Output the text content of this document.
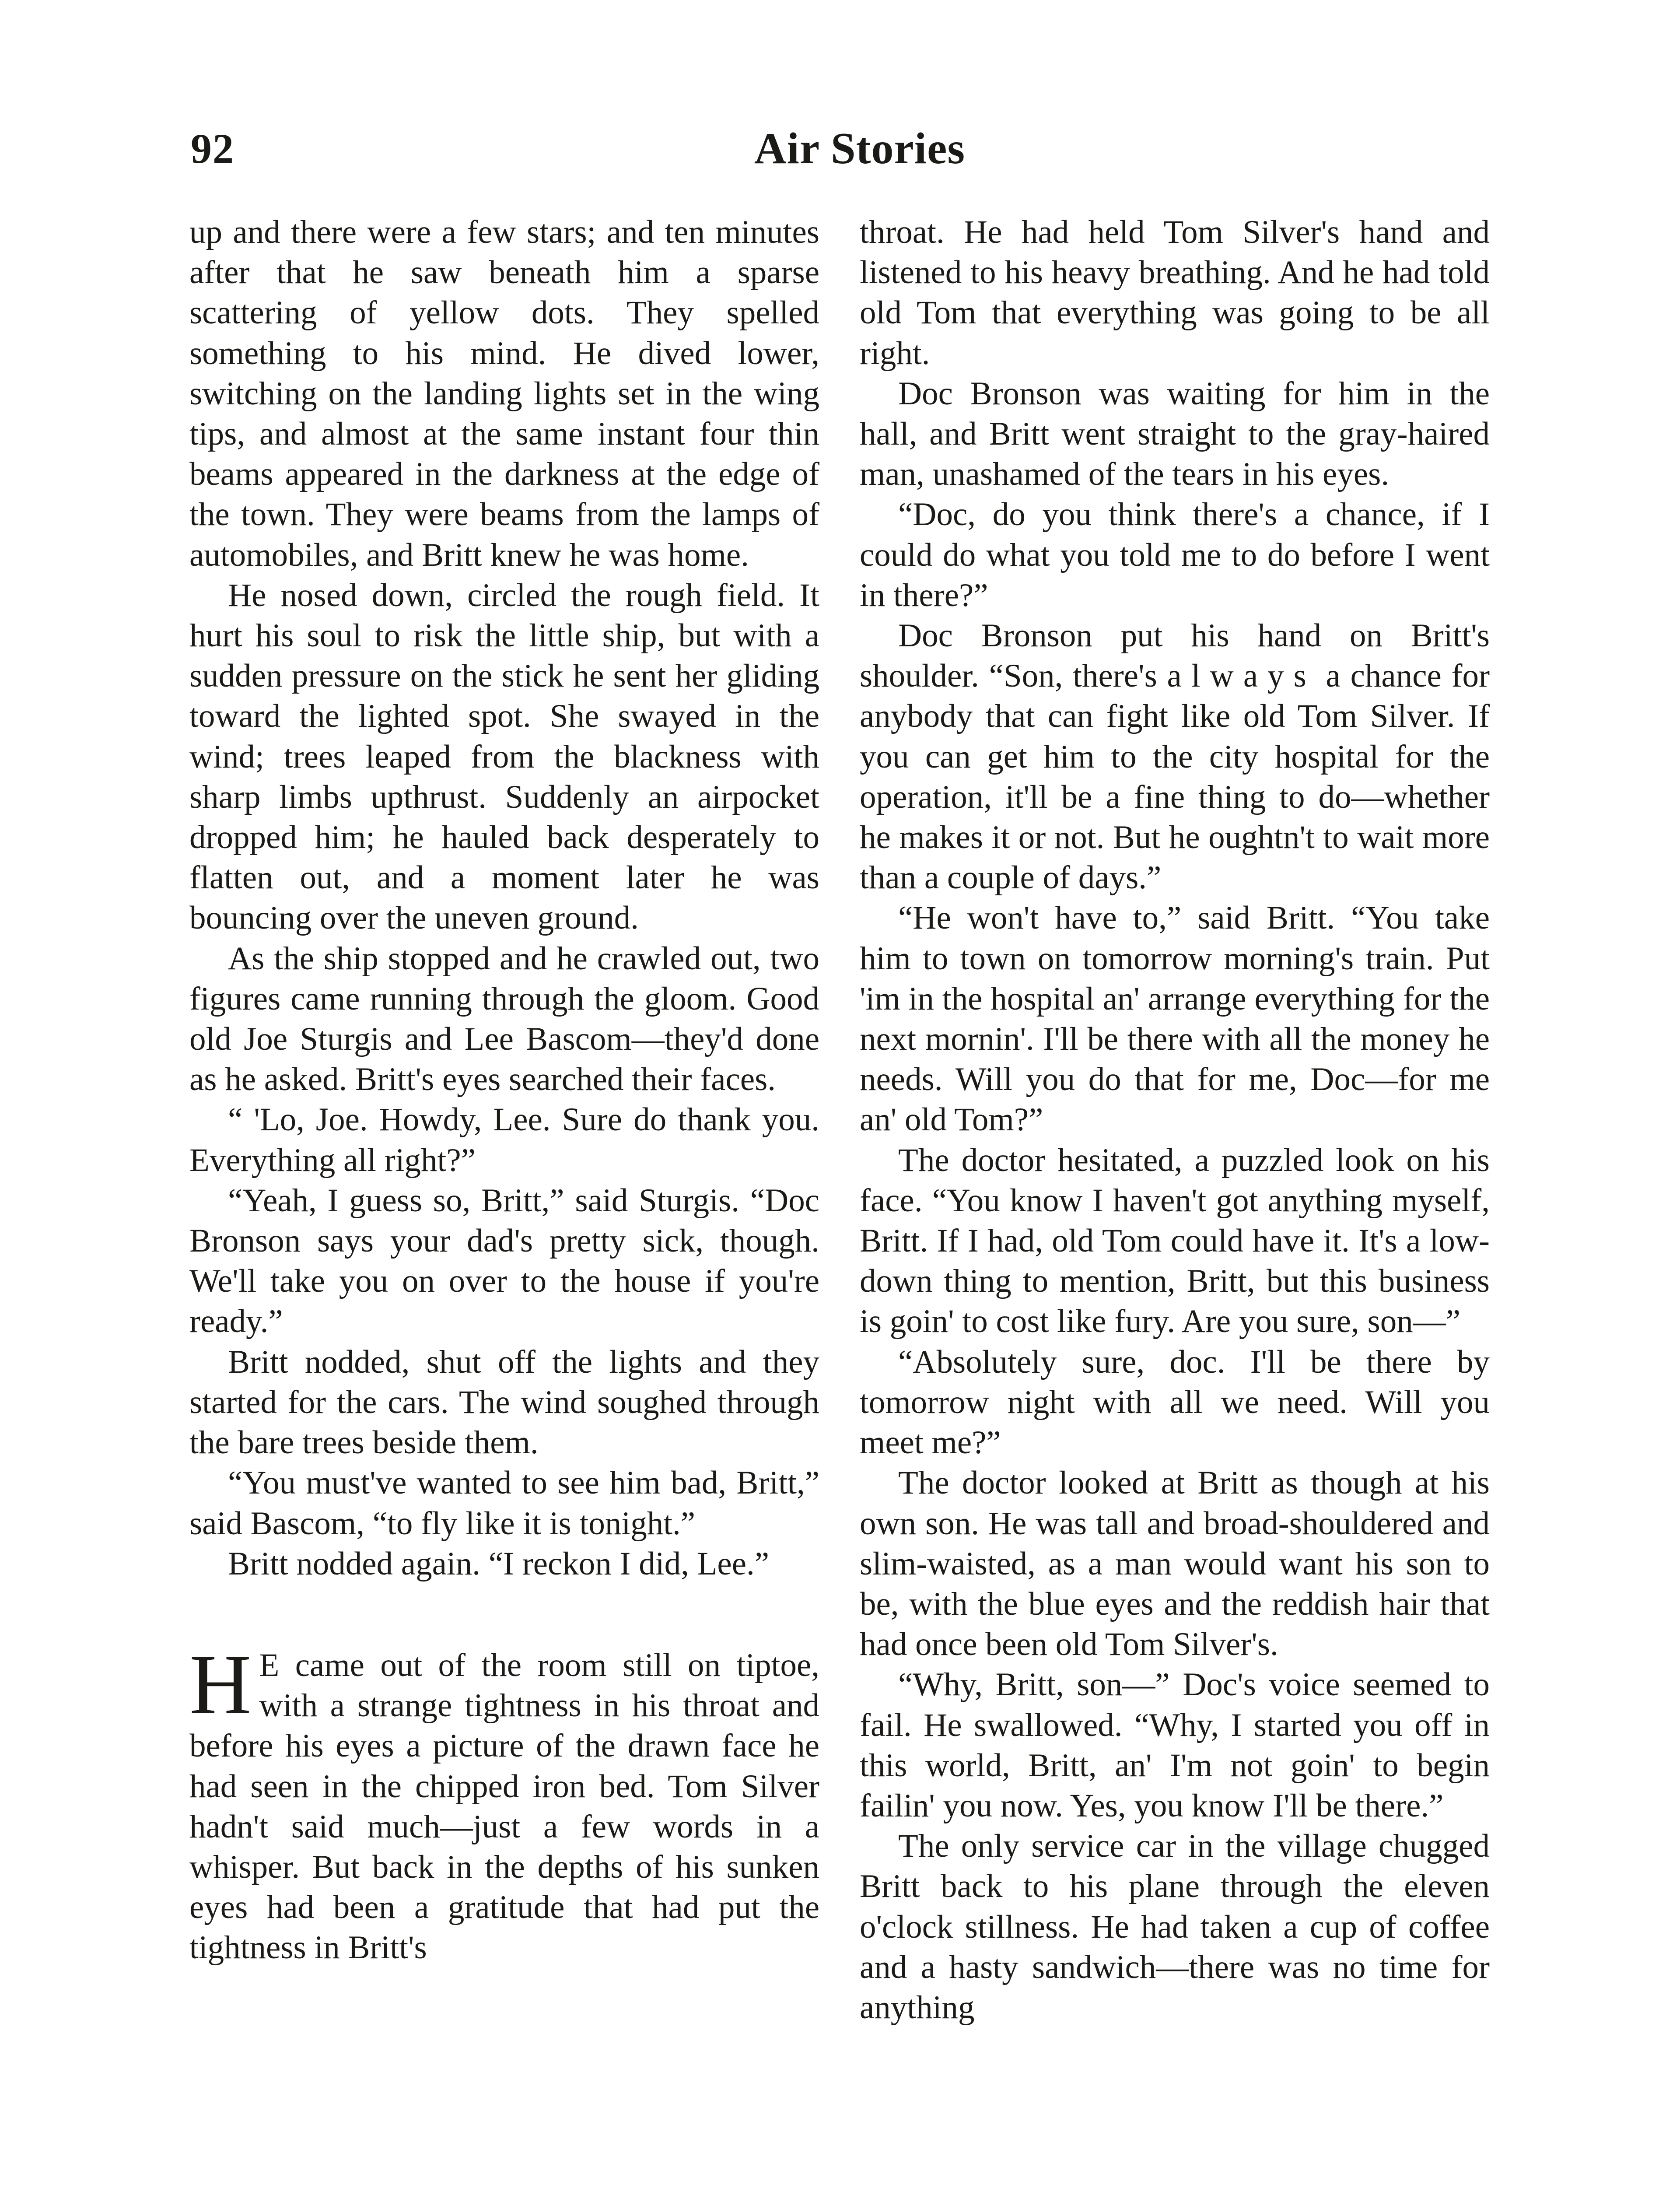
92	Air Stories

up and there were a few stars; and ten minutes after that he saw beneath him a sparse scattering of yellow dots. They spelled something to his mind. He dived lower, switching on the landing lights set in the wing tips, and almost at the same instant four thin beams appeared in the darkness at the edge of the town. They were beams from the lamps of automobiles, and Britt knew he was home.

He nosed down, circled the rough field. It hurt his soul to risk the little ship, but with a sudden pressure on the stick he sent her gliding toward the lighted spot. She swayed in the wind; trees leaped from the blackness with sharp limbs upthrust. Suddenly an airpocket dropped him; he hauled back desperately to flatten out, and a moment later he was bouncing over the uneven ground.

As the ship stopped and he crawled out, two figures came running through the gloom. Good old Joe Sturgis and Lee Bascom—they'd done as he asked. Britt's eyes searched their faces.

“ 'Lo, Joe. Howdy, Lee. Sure do thank you. Everything all right?”

“Yeah, I guess so, Britt,” said Sturgis. “Doc Bronson says your dad's pretty sick, though. We'll take you on over to the house if you're ready.”

Britt nodded, shut off the lights and they started for the cars. The wind soughed through the bare trees beside them.

“You must've wanted to see him bad, Britt,” said Bascom, “to fly like it is tonight.”

Britt nodded again. “I reckon I did, Lee.”

H E came out of the room still on tiptoe, with a strange tightness in his throat and before his eyes a picture of the drawn face he had seen in the chipped iron bed. Tom Silver hadn't said much—just a few words in a whisper. But back in the depths of his sunken eyes had been a gratitude that had put the tightness in Britt's

throat. He had held Tom Silver's hand and listened to his heavy breathing. And he had told old Tom that everything was going to be all right.

Doc Bronson was waiting for him in the hall, and Britt went straight to the gray-haired man, unashamed of the tears in his eyes.

“Doc, do you think there's a chance, if I could do what you told me to do before I went in there?”

Doc Bronson put his hand on Britt's shoulder. “Son, there's always a chance for anybody that can fight like old Tom Silver. If you can get him to the city hospital for the operation, it'll be a fine thing to do—whether he makes it or not. But he oughtn't to wait more than a couple of days.”

“He won't have to,” said Britt. “You take him to town on tomorrow morning's train. Put 'im in the hospital an' arrange everything for the next mornin'. I'll be there with all the money he needs. Will you do that for me, Doc—for me an' old Tom?”

The doctor hesitated, a puzzled look on his face. “You know I haven't got anything myself, Britt. If I had, old Tom could have it. It's a low-down thing to mention, Britt, but this business is goin' to cost like fury. Are you sure, son—”

“Absolutely sure, doc. I'll be there by tomorrow night with all we need. Will you meet me?”

The doctor looked at Britt as though at his own son. He was tall and broad-shouldered and slim-waisted, as a man would want his son to be, with the blue eyes and the reddish hair that had once been old Tom Silver's.

“Why, Britt, son—” Doc's voice seemed to fail. He swallowed. “Why, I started you off in this world, Britt, an' I'm not goin' to begin failin' you now. Yes, you know I'll be there.”

The only service car in the village chugged Britt back to his plane through the eleven o'clock stillness. He had taken a cup of coffee and a hasty sandwich—there was no time for anything
